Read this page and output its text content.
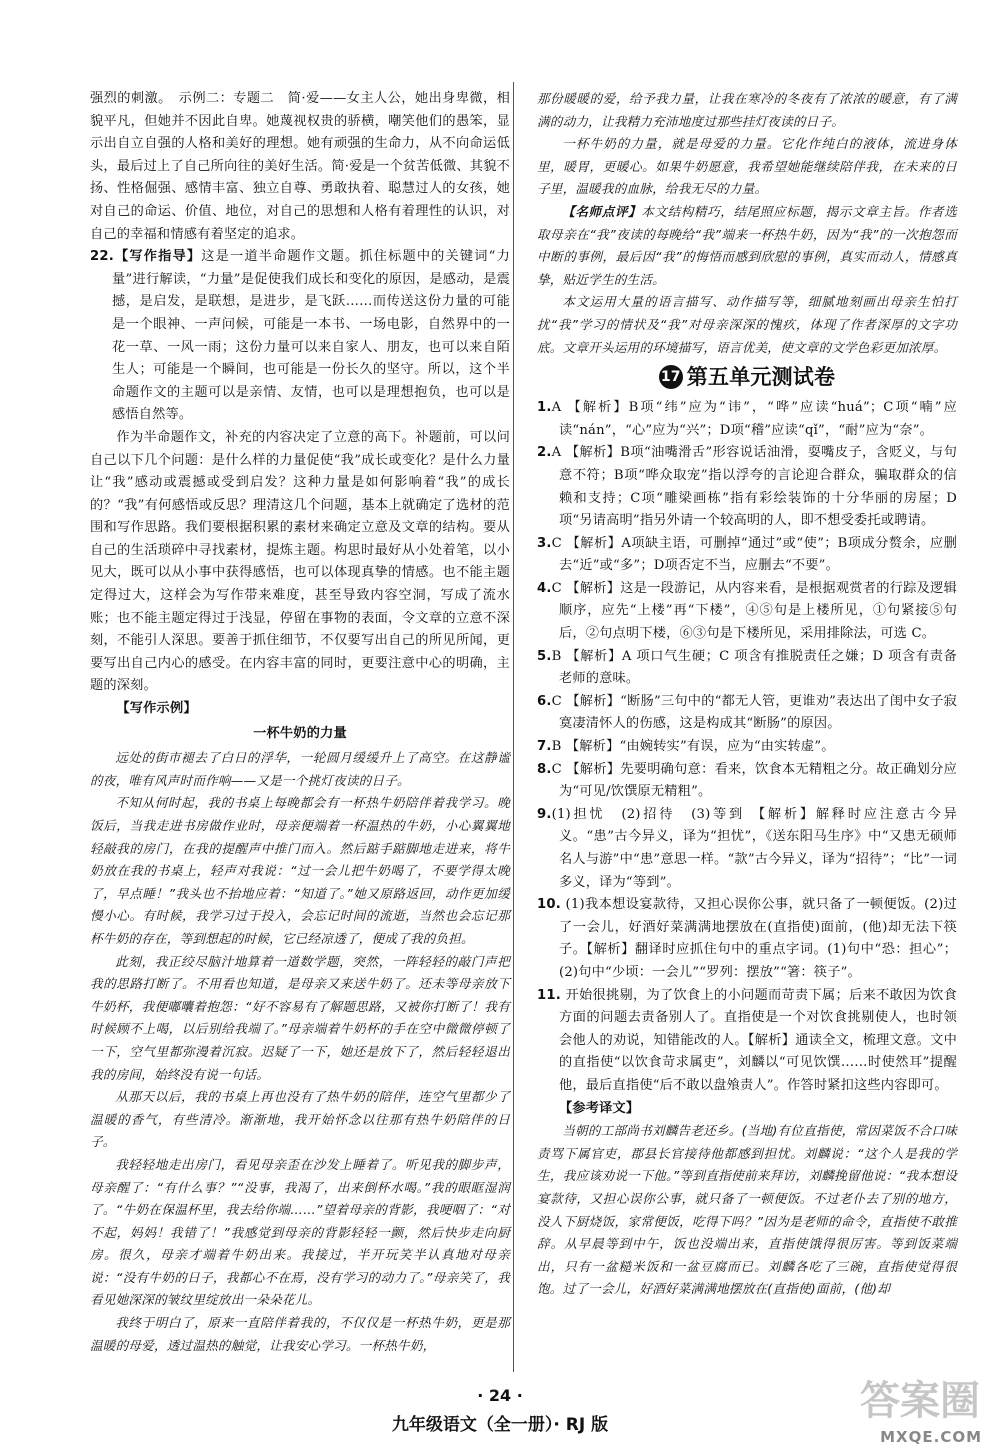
强烈的刺激。　示例二：专题二　简·爱——女主人公，她出身卑微，相貌平凡，但她并不因此自卑。她蔑视权贵的骄横，嘲笑他们的愚笨，显示出自立自强的人格和美好的理想。她有顽强的生命力，从不向命运低头，最后过上了自己所向往的美好生活。简·爱是一个贫苦低微、其貌不扬、性格倔强、感情丰富、独立自尊、勇敢执着、聪慧过人的女孩，她对自己的命运、价值、地位，对自己的思想和人格有着理性的认识，对自己的幸福和情感有着坚定的追求。

22.【写作指导】这是一道半命题作文题。抓住标题中的关键词“力量”进行解读，“力量”是促使我们成长和变化的原因，是感动，是震撼，是启发，是联想，是进步，是飞跃……而传送这份力量的可能是一个眼神、一声问候，可能是一本书、一场电影，自然界中的一花一草、一风一雨；这份力量可以来自家人、朋友，也可以来自陌生人；可能是一个瞬间，也可能是一份长久的坚守。所以，这个半命题作文的主题可以是亲情、友情，也可以是理想抱负，也可以是感悟自然等。

作为半命题作文，补充的内容决定了立意的高下。补题前，可以问自己以下几个问题：是什么样的力量促使“我”成长或变化？是什么力量让“我”感动或震撼或受到启发？这种力量是如何影响着“我”的成长的？“我”有何感悟或反思？理清这几个问题，基本上就确定了选材的范围和写作思路。我们要根据积累的素材来确定立意及文章的结构。要从自己的生活琐碎中寻找素材，提炼主题。构思时最好从小处着笔，以小见大，既可以从小事中获得感悟，也可以体现真挚的情感。也不能主题定得过大，这样会为写作带来难度，甚至导致内容空洞，写成了流水账；也不能主题定得过于浅显，停留在事物的表面，令文章的立意不深刻，不能引人深思。要善于抓住细节，不仅要写出自己的所见所闻，更要写出自己内心的感受。在内容丰富的同时，更要注意中心的明确，主题的深刻。

【写作示例】

一杯牛奶的力量

远处的街市褪去了白日的浮华，一轮圆月缓缓升上了高空。在这静谧的夜，唯有风声时而作响——又是一个挑灯夜读的日子。

不知从何时起，我的书桌上每晚都会有一杯热牛奶陪伴着我学习。晚饭后，当我走进书房做作业时，母亲便端着一杯温热的牛奶，小心翼翼地轻敲我的房门，在我的提醒声中推门而入。然后踮手踮脚地走进来，将牛奶放在我的书桌上，轻声对我说：“过一会儿把牛奶喝了，不要学得太晚了，早点睡！”我头也不抬地应着：“知道了。”她又原路返回，动作更加缓慢小心。有时候，我学习过于投入，会忘记时间的流逝，当然也会忘记那杯牛奶的存在，等到想起的时候，它已经凉透了，便成了我的负担。

此刻，我正绞尽脑汁地算着一道数学题，突然，一阵轻轻的敲门声把我的思路打断了。不用看也知道，是母亲又来送牛奶了。还未等母亲放下牛奶杯，我便嘟囔着抱怨：“好不容易有了解题思路，又被你打断了！我有时候顾不上喝，以后别给我端了。”母亲端着牛奶杯的手在空中微微停顿了一下，空气里都弥漫着沉寂。迟疑了一下，她还是放下了，然后轻轻退出我的房间，始终没有说一句话。

从那天以后，我的书桌上再也没有了热牛奶的陪伴，连空气里都少了温暖的香气，有些清冷。渐渐地，我开始怀念以往那有热牛奶陪伴的日子。

我轻轻地走出房门，看见母亲歪在沙发上睡着了。听见我的脚步声，母亲醒了：“有什么事？”“没事，我渴了，出来倒杯水喝。”我的眼眶湿润了。“牛奶在保温杯里，我去给你端……”望着母亲的背影，我哽咽了：“对不起，妈妈！我错了！”我感觉到母亲的背影轻轻一颤，然后快步走向厨房。很久，母亲才端着牛奶出来。我接过，半开玩笑半认真地对母亲说：“没有牛奶的日子，我都心不在焉，没有学习的动力了。”母亲笑了，我看见她深深的皱纹里绽放出一朵朵花儿。

我终于明白了，原来一直陪伴着我的，不仅仅是一杯热牛奶，更是那温暖的母爱，透过温热的触觉，让我安心学习。一杯热牛奶，

那份暖暖的爱，给予我力量，让我在寒冷的冬夜有了浓浓的暖意，有了满满的动力，让我精力充沛地度过那些挂灯夜读的日子。

一杯牛奶的力量，就是母爱的力量。它化作纯白的液体，流进身体里，暖胃，更暖心。如果牛奶愿意，我希望她能继续陪伴我，在未来的日子里，温暖我的血脉，给我无尽的力量。

【名师点评】本文结构精巧，结尾照应标题，揭示文章主旨。作者选取母亲在“我”夜读的每晚给“我”端来一杯热牛奶，因为“我”的一次抱怨而中断的事例，最后因“我”的悔悟而感到欣慰的事例，真实而动人，情感真挚，贴近学生的生活。

本文运用大量的语言描写、动作描写等，细腻地刻画出母亲生怕打扰“我”学习的情状及“我”对母亲深深的愧疚，体现了作者深厚的文字功底。文章开头运用的环境描写，语言优美，使文章的文学色彩更加浓厚。

17 第五单元测试卷

1.A 【解析】B项“纬”应为“讳”，“哗”应读“huá”；C项“喃”应读“nán”，“心”应为“兴”；D项“稽”应读“qǐ”，“耐”应为“奈”。

2.A 【解析】B项“油嘴滑舌”形容说话油滑，耍嘴皮子，含贬义，与句意不符；B项“哗众取宠”指以浮夸的言论迎合群众，骗取群众的信赖和支持；C项“雕梁画栋”指有彩绘装饰的十分华丽的房屋；D项“另请高明”指另外请一个较高明的人，即不想受委托或聘请。

3.C 【解析】A项缺主语，可删掉“通过”或“使”；B项成分赘余，应删去“近”或“多”；D项否定不当，应删去“不要”。

4.C 【解析】这是一段游记，从内容来看，是根据观赏者的行踪及逻辑顺序，应先“上楼”再“下楼”，④⑤句是上楼所见，①句紧接⑤句后，②句点明下楼，⑥③句是下楼所见，采用排除法，可选 C。

5.B 【解析】A 项口气生硬；C 项含有推脱责任之嫌；D 项含有责备老师的意味。

6.C 【解析】“断肠”三句中的“都无人管，更谁劝”表达出了闺中女子寂寞凄清怀人的伤感，这是构成其“断肠”的原因。

7.B 【解析】“由婉转实”有误，应为“由实转虚”。

8.C 【解析】先要明确句意：看来，饮食本无精粗之分。故正确划分应为“可见/饮馔原无精粗”。

9.(1)担忧　(2)招待　(3)等到 【解析】解释时应注意古今异义。“患”古今异义，译为“担忧”，《送东阳马生序》中“又患无硕师名人与游”中“患”意思一样。“款”古今异义，译为“招待”；“比”一词多义，译为“等到”。

10. (1)我本想设宴款待，又担心误你公事，就只备了一顿便饭。(2)过了一会儿，好酒好菜满满地摆放在(直指使)面前，(他)却无法下筷子。【解析】翻译时应抓住句中的重点字词。(1)句中“恐：担心”；(2)句中“少顷：一会儿”“罗列：摆放”“箸：筷子”。

11. 开始很挑剔，为了饮食上的小问题而苛责下属；后来不敢因为饮食方面的问题去责备别人了。直指使是一个对饮食挑剔使人，也时领会他人的劝说，知错能改的人。【解析】通读全文，梳理文意。文中的直指使“以饮食苛求属吏”，刘麟以“可见饮馔……时使然耳”提醒他，最后直指使“后不敢以盘飧责人”。作答时紧扣这些内容即可。

【参考译文】

当朝的工部尚书刘麟告老还乡。(当地)有位直指使，常因菜饭不合口味责骂下属官吏，郡县长官接待他都感到担忧。刘麟说：“这个人是我的学生，我应该劝说一下他。”等到直指使前来拜访，刘麟挽留他说：“我本想设宴款待，又担心误你公事，就只备了一顿便饭。不过老仆去了别的地方，没人下厨烧饭，家常便饭，吃得下吗？”因为是老师的命令，直指使不敢推辞。从早晨等到中午，饭也没端出来，直指使饿得很厉害。等到饭菜端出，只有一盆糙米饭和一盆豆腐而已。刘麟各吃了三碗，直指使觉得很饱。过了一会儿，好酒好菜满满地摆放在(直指使)面前，(他)却

· 24 ·
九年级语文（全一册）· RJ 版
答案圈
MXQE.COM
